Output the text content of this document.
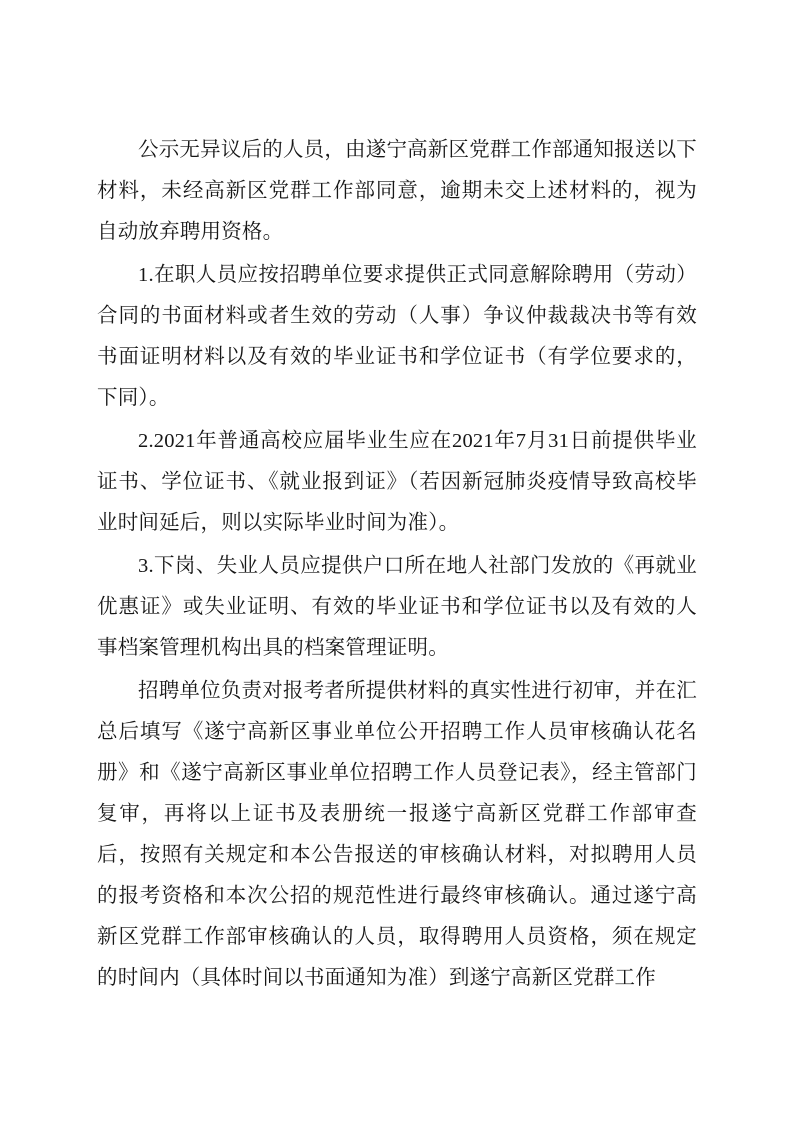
公示无异议后的人员，由遂宁高新区党群工作部通知报送以下材料，未经高新区党群工作部同意，逾期未交上述材料的，视为自动放弃聘用资格。

1.在职人员应按招聘单位要求提供正式同意解除聘用（劳动）合同的书面材料或者生效的劳动（人事）争议仲裁裁决书等有效书面证明材料以及有效的毕业证书和学位证书（有学位要求的，下同）。

2.2021年普通高校应届毕业生应在2021年7月31日前提供毕业证书、学位证书、《就业报到证》（若因新冠肺炎疫情导致高校毕业时间延后，则以实际毕业时间为准）。

3.下岗、失业人员应提供户口所在地人社部门发放的《再就业优惠证》或失业证明、有效的毕业证书和学位证书以及有效的人事档案管理机构出具的档案管理证明。

招聘单位负责对报考者所提供材料的真实性进行初审，并在汇总后填写《遂宁高新区事业单位公开招聘工作人员审核确认花名册》和《遂宁高新区事业单位招聘工作人员登记表》，经主管部门复审，再将以上证书及表册统一报遂宁高新区党群工作部审查后，按照有关规定和本公告报送的审核确认材料，对拟聘用人员的报考资格和本次公招的规范性进行最终审核确认。通过遂宁高新区党群工作部审核确认的人员，取得聘用人员资格，须在规定的时间内（具体时间以书面通知为准）到遂宁高新区党群工作
